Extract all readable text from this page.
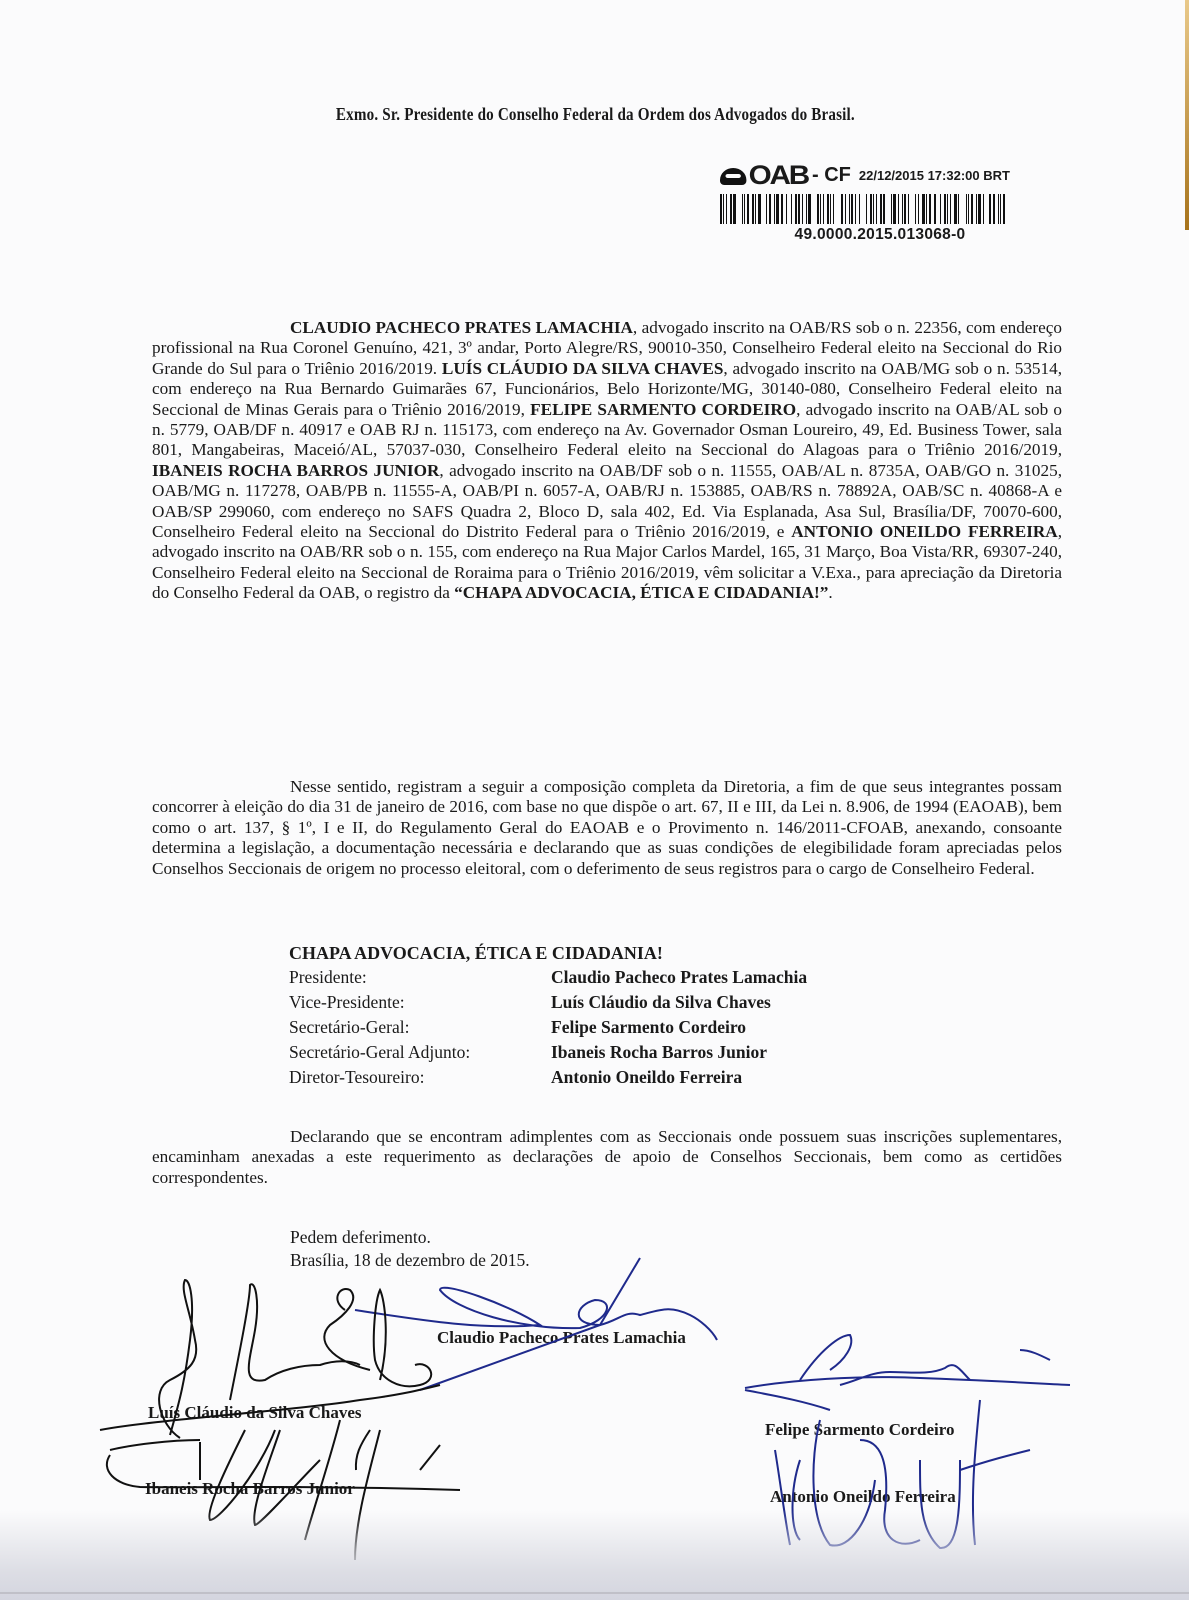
Exmo. Sr. Presidente do Conselho Federal da Ordem dos Advogados do Brasil.
OAB - CF 22/12/2015 17:32:00 BRT
49.0000.2015.013068-0
CLAUDIO PACHECO PRATES LAMACHIA, advogado inscrito na OAB/RS sob o n. 22356, com endereço profissional na Rua Coronel Genuíno, 421, 3º andar, Porto Alegre/RS, 90010-350, Conselheiro Federal eleito na Seccional do Rio Grande do Sul para o Triênio 2016/2019. LUÍS CLÁUDIO DA SILVA CHAVES, advogado inscrito na OAB/MG sob o n. 53514, com endereço na Rua Bernardo Guimarães 67, Funcionários, Belo Horizonte/MG, 30140-080, Conselheiro Federal eleito na Seccional de Minas Gerais para o Triênio 2016/2019, FELIPE SARMENTO CORDEIRO, advogado inscrito na OAB/AL sob o n. 5779, OAB/DF n. 40917 e OAB RJ n. 115173, com endereço na Av. Governador Osman Loureiro, 49, Ed. Business Tower, sala 801, Mangabeiras, Maceió/AL, 57037-030, Conselheiro Federal eleito na Seccional do Alagoas para o Triênio 2016/2019, IBANEIS ROCHA BARROS JUNIOR, advogado inscrito na OAB/DF sob o n. 11555, OAB/AL n. 8735A, OAB/GO n. 31025, OAB/MG n. 117278, OAB/PB n. 11555-A, OAB/PI n. 6057-A, OAB/RJ n. 153885, OAB/RS n. 78892A, OAB/SC n. 40868-A e OAB/SP 299060, com endereço no SAFS Quadra 2, Bloco D, sala 402, Ed. Via Esplanada, Asa Sul, Brasília/DF, 70070-600, Conselheiro Federal eleito na Seccional do Distrito Federal para o Triênio 2016/2019, e ANTONIO ONEILDO FERREIRA, advogado inscrito na OAB/RR sob o n. 155, com endereço na Rua Major Carlos Mardel, 165, 31 Março, Boa Vista/RR, 69307-240, Conselheiro Federal eleito na Seccional de Roraima para o Triênio 2016/2019, vêm solicitar a V.Exa., para apreciação da Diretoria do Conselho Federal da OAB, o registro da “CHAPA ADVOCACIA, ÉTICA E CIDADANIA!”.
Nesse sentido, registram a seguir a composição completa da Diretoria, a fim de que seus integrantes possam concorrer à eleição do dia 31 de janeiro de 2016, com base no que dispõe o art. 67, II e III, da Lei n. 8.906, de 1994 (EAOAB), bem como o art. 137, § 1º, I e II, do Regulamento Geral do EAOAB e o Provimento n. 146/2011-CFOAB, anexando, consoante determina a legislação, a documentação necessária e declarando que as suas condições de elegibilidade foram apreciadas pelos Conselhos Seccionais de origem no processo eleitoral, com o deferimento de seus registros para o cargo de Conselheiro Federal.
CHAPA ADVOCACIA, ÉTICA E CIDADANIA!
Presidente:	Claudio Pacheco Prates Lamachia
Vice-Presidente:	Luís Cláudio da Silva Chaves
Secretário-Geral:	Felipe Sarmento Cordeiro
Secretário-Geral Adjunto:	Ibaneis Rocha Barros Junior
Diretor-Tesoureiro:	Antonio Oneildo Ferreira
Declarando que se encontram adimplentes com as Seccionais onde possuem suas inscrições suplementares, encaminham anexadas a este requerimento as declarações de apoio de Conselhos Seccionais, bem como as certidões correspondentes.
Pedem deferimento.
Brasília, 18 de dezembro de 2015.
Claudio Pacheco Prates Lamachia
Luís Cláudio da Silva Chaves
Felipe Sarmento Cordeiro
Ibaneis Rocha Barros Junior	Antonio Oneildo Ferreira
